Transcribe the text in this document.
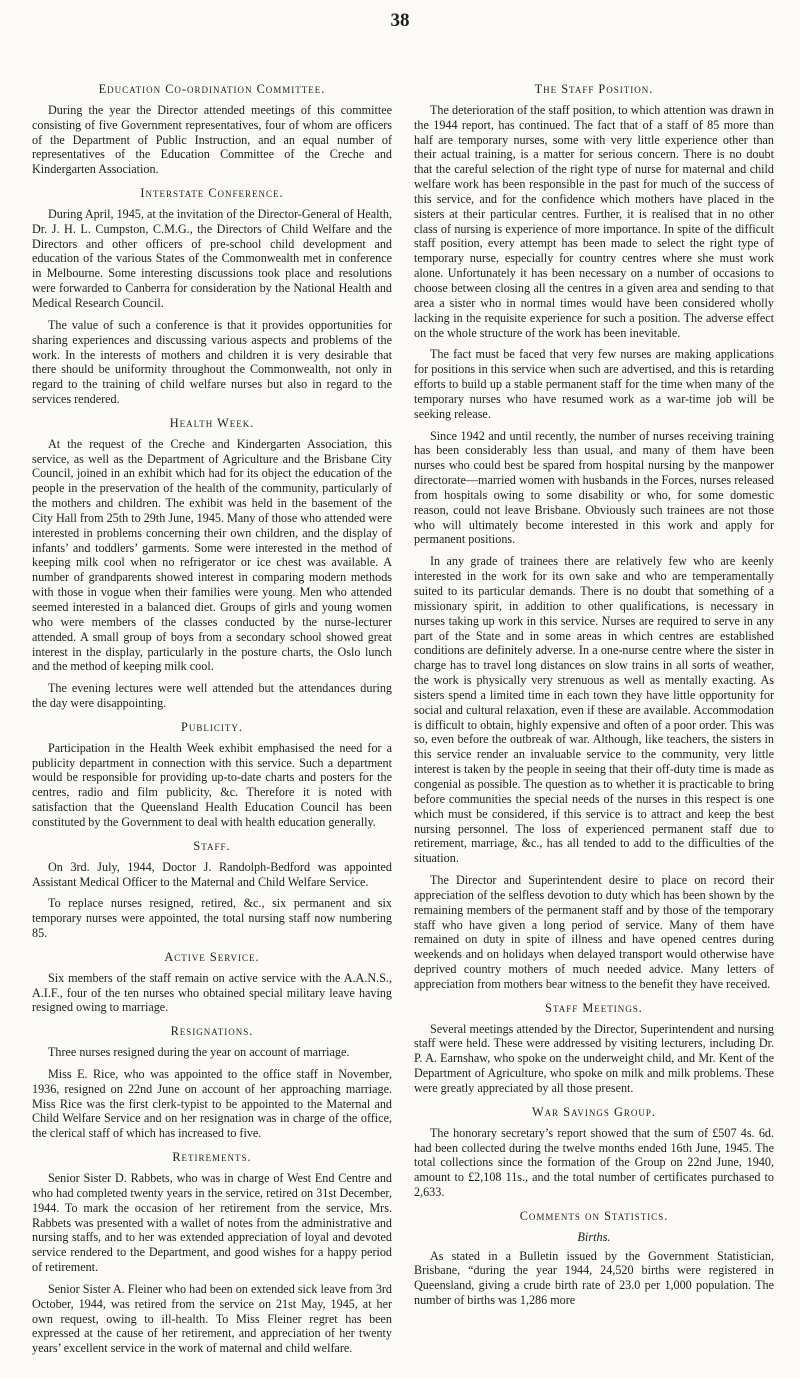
38
Education Co-ordination Committee.

During the year the Director attended meetings of this committee consisting of five Government representatives, four of whom are officers of the Department of Public Instruction, and an equal number of representatives of the Education Committee of the Creche and Kindergarten Association.

Interstate Conference.

During April, 1945, at the invitation of the Director-General of Health, Dr. J. H. L. Cumpston, C.M.G., the Directors of Child Welfare and the Directors and other officers of pre-school child development and education of the various States of the Commonwealth met in conference in Melbourne. Some interesting discussions took place and resolutions were forwarded to Canberra for consideration by the National Health and Medical Research Council.

The value of such a conference is that it provides opportunities for sharing experiences and discussing various aspects and problems of the work. In the interests of mothers and children it is very desirable that there should be uniformity throughout the Commonwealth, not only in regard to the training of child welfare nurses but also in regard to the services rendered.

Health Week.

At the request of the Creche and Kindergarten Association, this service, as well as the Department of Agriculture and the Brisbane City Council, joined in an exhibit which had for its object the education of the people in the preservation of the health of the community, particularly of the mothers and children. The exhibit was held in the basement of the City Hall from 25th to 29th June, 1945. Many of those who attended were interested in problems concerning their own children, and the display of infants’ and toddlers’ garments. Some were interested in the method of keeping milk cool when no refrigerator or ice chest was available. A number of grandparents showed interest in comparing modern methods with those in vogue when their families were young. Men who attended seemed interested in a balanced diet. Groups of girls and young women who were members of the classes conducted by the nurse-lecturer attended. A small group of boys from a secondary school showed great interest in the display, particularly in the posture charts, the Oslo lunch and the method of keeping milk cool.

The evening lectures were well attended but the attendances during the day were disappointing.

Publicity.

Participation in the Health Week exhibit emphasised the need for a publicity department in connection with this service. Such a department would be responsible for providing up-to-date charts and posters for the centres, radio and film publicity, &c. Therefore it is noted with satisfaction that the Queensland Health Education Council has been constituted by the Government to deal with health education generally.

Staff.

On 3rd. July, 1944, Doctor J. Randolph-Bedford was appointed Assistant Medical Officer to the Maternal and Child Welfare Service.

To replace nurses resigned, retired, &c., six permanent and six temporary nurses were appointed, the total nursing staff now numbering 85.

Active Service.

Six members of the staff remain on active service with the A.A.N.S., A.I.F., four of the ten nurses who obtained special military leave having resigned owing to marriage.

Resignations.

Three nurses resigned during the year on account of marriage.

Miss E. Rice, who was appointed to the office staff in November, 1936, resigned on 22nd June on account of her approaching marriage. Miss Rice was the first clerk-typist to be appointed to the Maternal and Child Welfare Service and on her resignation was in charge of the office, the clerical staff of which has increased to five.

Retirements.

Senior Sister D. Rabbets, who was in charge of West End Centre and who had completed twenty years in the service, retired on 31st December, 1944. To mark the occasion of her retirement from the service, Mrs. Rabbets was presented with a wallet of notes from the administrative and nursing staffs, and to her was extended appreciation of loyal and devoted service rendered to the Department, and good wishes for a happy period of retirement.

Senior Sister A. Fleiner who had been on extended sick leave from 3rd October, 1944, was retired from the service on 21st May, 1945, at her own request, owing to ill-health. To Miss Fleiner regret has been expressed at the cause of her retirement, and appreciation of her twenty years’ excellent service in the work of maternal and child welfare.

The Staff Position.

The deterioration of the staff position, to which attention was drawn in the 1944 report, has continued. The fact that of a staff of 85 more than half are temporary nurses, some with very little experience other than their actual training, is a matter for serious concern. There is no doubt that the careful selection of the right type of nurse for maternal and child welfare work has been responsible in the past for much of the success of this service, and for the confidence which mothers have placed in the sisters at their particular centres. Further, it is realised that in no other class of nursing is experience of more importance. In spite of the difficult staff position, every attempt has been made to select the right type of temporary nurse, especially for country centres where she must work alone. Unfortunately it has been necessary on a number of occasions to choose between closing all the centres in a given area and sending to that area a sister who in normal times would have been considered wholly lacking in the requisite experience for such a position. The adverse effect on the whole structure of the work has been inevitable.

The fact must be faced that very few nurses are making applications for positions in this service when such are advertised, and this is retarding efforts to build up a stable permanent staff for the time when many of the temporary nurses who have resumed work as a war-time job will be seeking release.

Since 1942 and until recently, the number of nurses receiving training has been considerably less than usual, and many of them have been nurses who could best be spared from hospital nursing by the manpower directorate—married women with husbands in the Forces, nurses released from hospitals owing to some disability or who, for some domestic reason, could not leave Brisbane. Obviously such trainees are not those who will ultimately become interested in this work and apply for permanent positions.

In any grade of trainees there are relatively few who are keenly interested in the work for its own sake and who are temperamentally suited to its particular demands. There is no doubt that something of a missionary spirit, in addition to other qualifications, is necessary in nurses taking up work in this service. Nurses are required to serve in any part of the State and in some areas in which centres are established conditions are definitely adverse. In a one-nurse centre where the sister in charge has to travel long distances on slow trains in all sorts of weather, the work is physically very strenuous as well as mentally exacting. As sisters spend a limited time in each town they have little opportunity for social and cultural relaxation, even if these are available. Accommodation is difficult to obtain, highly expensive and often of a poor order. This was so, even before the outbreak of war. Although, like teachers, the sisters in this service render an invaluable service to the community, very little interest is taken by the people in seeing that their off-duty time is made as congenial as possible. The question as to whether it is practicable to bring before communities the special needs of the nurses in this respect is one which must be considered, if this service is to attract and keep the best nursing personnel. The loss of experienced permanent staff due to retirement, marriage, &c., has all tended to add to the difficulties of the situation.

The Director and Superintendent desire to place on record their appreciation of the selfless devotion to duty which has been shown by the remaining members of the permanent staff and by those of the temporary staff who have given a long period of service. Many of them have remained on duty in spite of illness and have opened centres during weekends and on holidays when delayed transport would otherwise have deprived country mothers of much needed advice. Many letters of appreciation from mothers bear witness to the benefit they have received.

Staff Meetings.

Several meetings attended by the Director, Superintendent and nursing staff were held. These were addressed by visiting lecturers, including Dr. P. A. Earnshaw, who spoke on the underweight child, and Mr. Kent of the Department of Agriculture, who spoke on milk and milk problems. These were greatly appreciated by all those present.

War Savings Group.

The honorary secretary’s report showed that the sum of £507 4s. 6d. had been collected during the twelve months ended 16th June, 1945. The total collections since the formation of the Group on 22nd June, 1940, amount to £2,108 11s., and the total number of certificates purchased to 2,633.

Comments on Statistics.
Births.

As stated in a Bulletin issued by the Government Statistician, Brisbane, “during the year 1944, 24,520 births were registered in Queensland, giving a crude birth rate of 23.0 per 1,000 population. The number of births was 1,286 more
